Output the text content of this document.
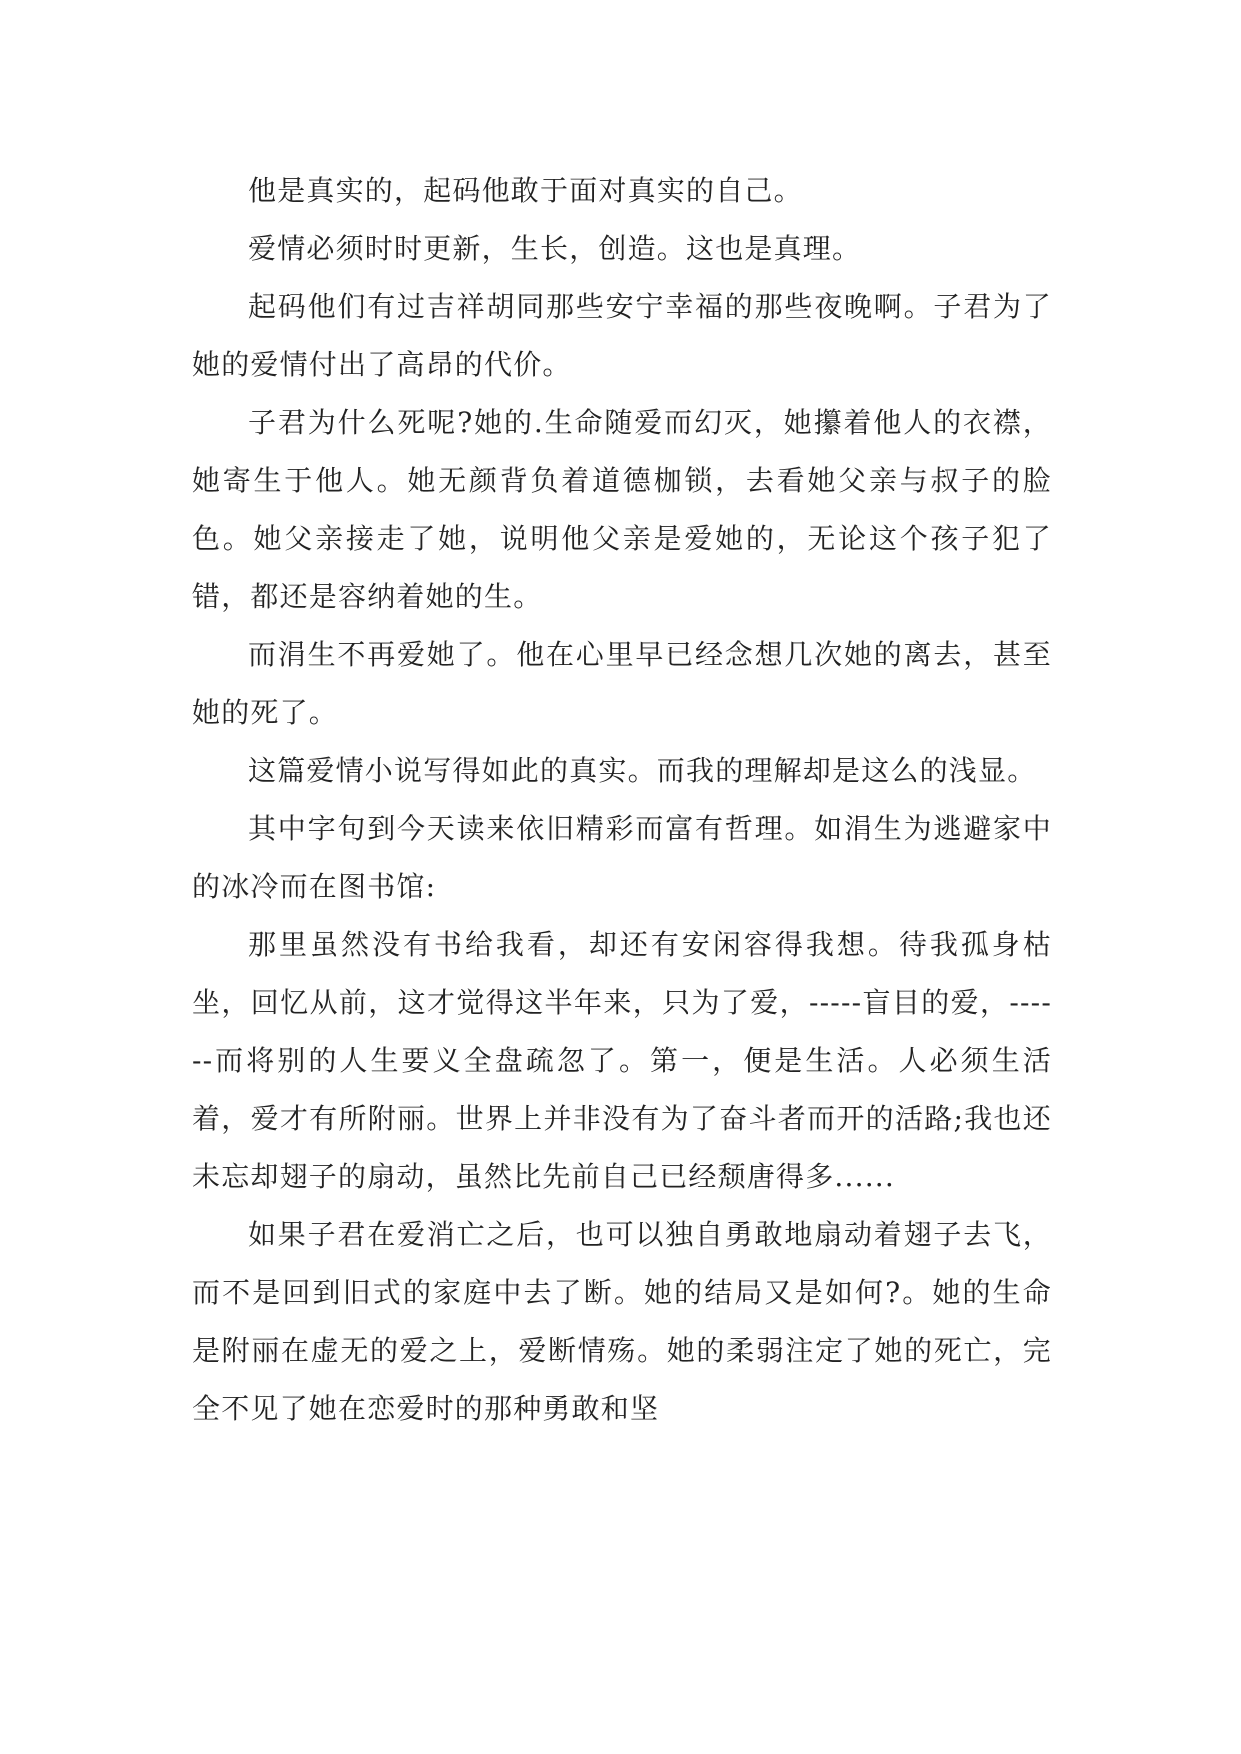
他是真实的，起码他敢于面对真实的自己。

爱情必须时时更新，生长，创造。这也是真理。

起码他们有过吉祥胡同那些安宁幸福的那些夜晚啊。子君为了她的爱情付出了高昂的代价。

子君为什么死呢?她的.生命随爱而幻灭，她攥着他人的衣襟，她寄生于他人。她无颜背负着道德枷锁，去看她父亲与叔子的脸色。她父亲接走了她，说明他父亲是爱她的，无论这个孩子犯了错，都还是容纳着她的生。

而涓生不再爱她了。他在心里早已经念想几次她的离去，甚至她的死了。

这篇爱情小说写得如此的真实。而我的理解却是这么的浅显。

其中字句到今天读来依旧精彩而富有哲理。如涓生为逃避家中的冰冷而在图书馆:

那里虽然没有书给我看，却还有安闲容得我想。待我孤身枯坐，回忆从前，这才觉得这半年来，只为了爱，-----盲目的爱，------而将别的人生要义全盘疏忽了。第一，便是生活。人必须生活着，爱才有所附丽。世界上并非没有为了奋斗者而开的活路;我也还未忘却翅子的扇动，虽然比先前自己已经颓唐得多......

如果子君在爱消亡之后，也可以独自勇敢地扇动着翅子去飞，而不是回到旧式的家庭中去了断。她的结局又是如何?。她的生命是附丽在虚无的爱之上，爱断情殇。她的柔弱注定了她的死亡，完全不见了她在恋爱时的那种勇敢和坚
